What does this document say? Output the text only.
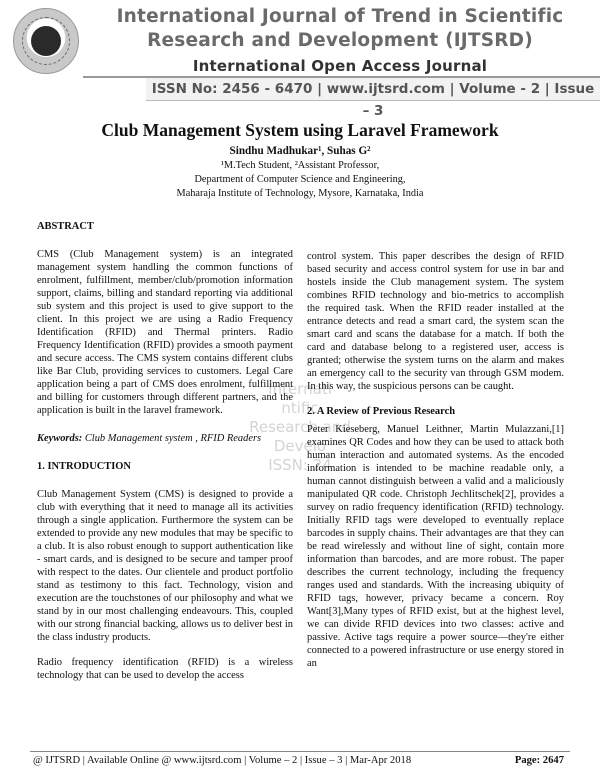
International Journal of Trend in Scientific
Research and Development (IJTSRD)
International Open Access Journal
ISSN No: 2456 - 6470 | www.ijtsrd.com | Volume - 2 | Issue – 3
Club Management System using Laravel Framework
Sindhu Madhukar¹, Suhas G²
¹M.Tech Student, ²Assistant Professor,
Department of Computer Science and Engineering,
Maharaja Institute of Technology, Mysore, Karnataka, India
Internati
ntific
Research and
Develo
ISSN: 24

ABSTRACT

CMS (Club Management system) is an integrated management system handling the common functions of enrolment, fulfillment, member/club/promotion information support, claims, billing and standard reporting via additional sub system and this project is used to give support to the client. In this project we are using a Radio Frequency Identification (RFID) and Thermal printers. Radio Frequency Identification (RFID) provides a smooth payment and secure access. The CMS system contains different clubs like Bar Club, providing services to customers. Legal Care application being a part of CMS does enrolment, fulfillment and billing for customers through different partners, and the application is built in the laravel framework.

Keywords: Club Management system , RFID Readers

1. INTRODUCTION

Club Management System (CMS) is designed to provide a club with everything that it need to manage all its activities through a single application. Furthermore the system can be extended to provide any new modules that may be specific to a club. It is also robust enough to support authentication like - smart cards, and is designed to be secure and tamper proof with respect to the dates. Our clientele and product portfolio stand as testimony to this fact. Technology, vision and execution are the touchstones of our philosophy and what we stand by in our most challenging endeavours. This, coupled with our strong financial backing, allows us to deliver best in the class industry products.

Radio frequency identification (RFID) is a wireless technology that can be used to develop the access

control system. This paper describes the design of RFID based security and access control system for use in bar and hostels inside the Club management system. The system combines RFID technology and bio-metrics to accomplish the required task. When the RFID reader installed at the entrance detects and read a smart card, the system scan the smart card and scans the database for a match. If both the card and database belong to a registered user, access is granted; otherwise the system turns on the alarm and makes an emergency call to the security van through GSM modem. In this way, the suspicious persons can be caught.

2. A Review of Previous Research

Peter Kieseberg, Manuel Leithner, Martin Mulazzani,[1] examines QR Codes and how they can be used to attack both human interaction and automated systems. As the encoded information is intended to be machine readable only, a human cannot distinguish between a valid and a maliciously manipulated QR code. Christoph Jechlitschek[2], provides a survey on radio frequency identification (RFID) technology. Initially RFID tags were developed to eventually replace barcodes in supply chains. Their advantages are that they can be read wirelessly and without line of sight, contain more information than barcodes, and are more robust. The paper describes the current technology, including the frequency ranges used and standards. With the increasing ubiquity of RFID tags, however, privacy became a concern. Roy Want[3],Many types of RFID exist, but at the highest level, we can divide RFID devices into two classes: active and passive. Active tags require a power source—they're either connected to a powered infrastructure or use energy stored in an

@ IJTSRD | Available Online @ www.ijtsrd.com | Volume – 2 | Issue – 3 | Mar-Apr 2018	Page: 2647
